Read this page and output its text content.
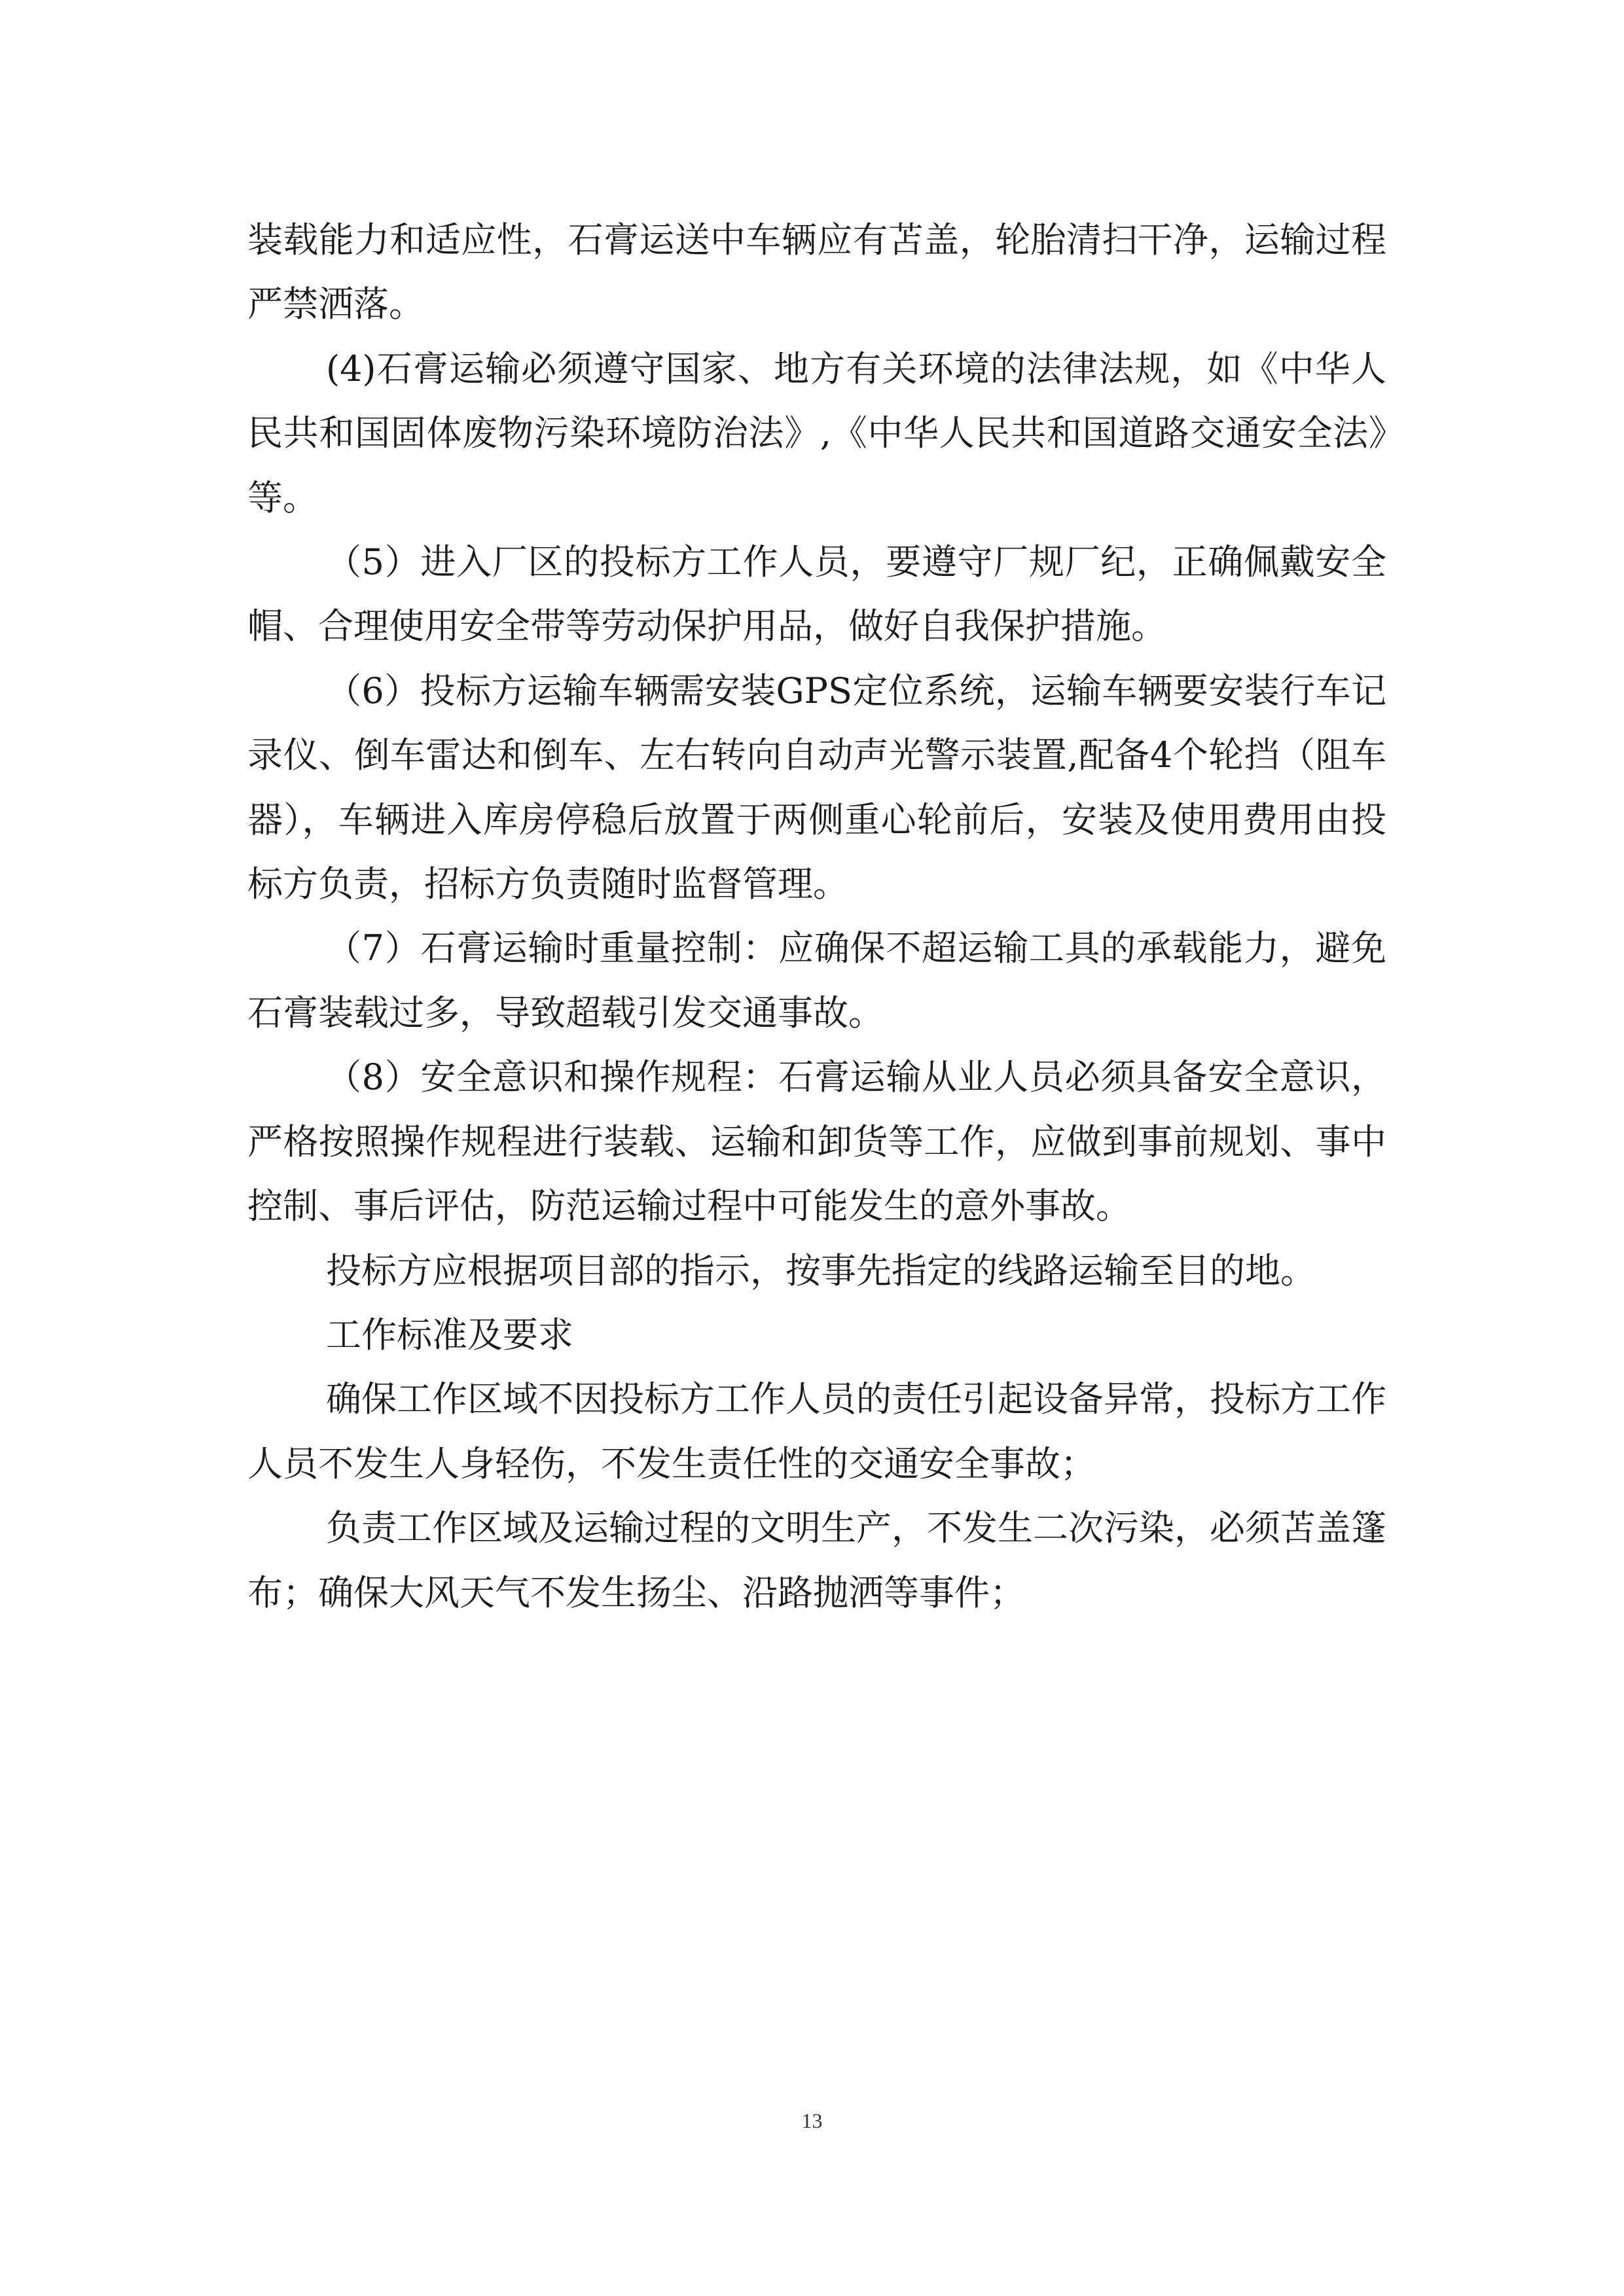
装载能力和适应性，石膏运送中车辆应有苫盖，轮胎清扫干净，运输过程严禁洒落。

(4)石膏运输必须遵守国家、地方有关环境的法律法规，如《中华人民共和国固体废物污染环境防治法》,《中华人民共和国道路交通安全法》等。

（5）进入厂区的投标方工作人员，要遵守厂规厂纪，正确佩戴安全帽、合理使用安全带等劳动保护用品，做好自我保护措施。

（6）投标方运输车辆需安装GPS定位系统，运输车辆要安装行车记录仪、倒车雷达和倒车、左右转向自动声光警示装置,配备4个轮挡（阻车器），车辆进入库房停稳后放置于两侧重心轮前后，安装及使用费用由投标方负责，招标方负责随时监督管理。

（7）石膏运输时重量控制：应确保不超运输工具的承载能力，避免石膏装载过多，导致超载引发交通事故。

（8）安全意识和操作规程：石膏运输从业人员必须具备安全意识，严格按照操作规程进行装载、运输和卸货等工作，应做到事前规划、事中控制、事后评估，防范运输过程中可能发生的意外事故。

投标方应根据项目部的指示，按事先指定的线路运输至目的地。

工作标准及要求

确保工作区域不因投标方工作人员的责任引起设备异常，投标方工作人员不发生人身轻伤，不发生责任性的交通安全事故；

负责工作区域及运输过程的文明生产，不发生二次污染，必须苫盖篷布；确保大风天气不发生扬尘、沿路抛洒等事件；

13
